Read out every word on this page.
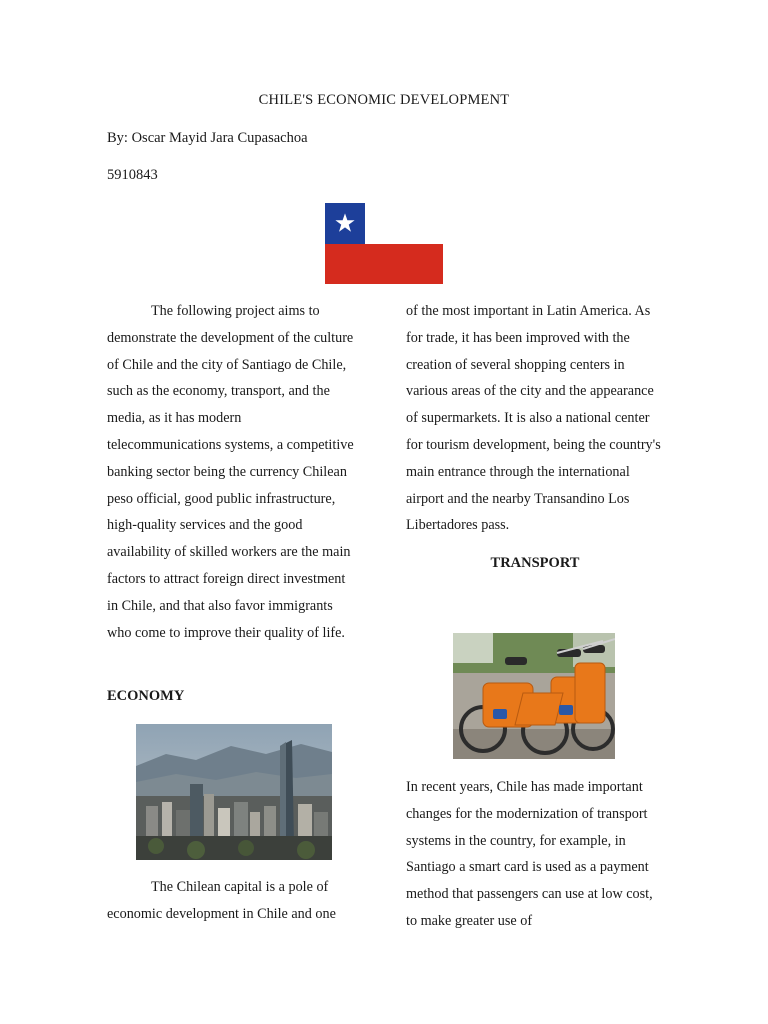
CHILE'S ECONOMIC DEVELOPMENT
By: Oscar Mayid Jara Cupasachoa
5910843

The following project aims to demonstrate the development of the culture of Chile and the city of Santiago de Chile, such as the economy, transport, and the media, as it has modern telecommunications systems, a competitive banking sector being the currency Chilean peso official, good public infrastructure, high-quality services and the good availability of skilled workers are the main factors to attract foreign direct investment in Chile, and that also favor immigrants who come to improve their quality of life.

ECONOMY

The Chilean capital is a pole of economic development in Chile and one

of the most important in Latin America. As for trade, it has been improved with the creation of several shopping centers in various areas of the city and the appearance of supermarkets. It is also a national center for tourism development, being the country's main entrance through the international airport and the nearby Transandino Los Libertadores pass.

TRANSPORT

In recent years, Chile has made important changes for the modernization of transport systems in the country, for example, in Santiago a smart card is used as a payment method that passengers can use at low cost, to make greater use of
